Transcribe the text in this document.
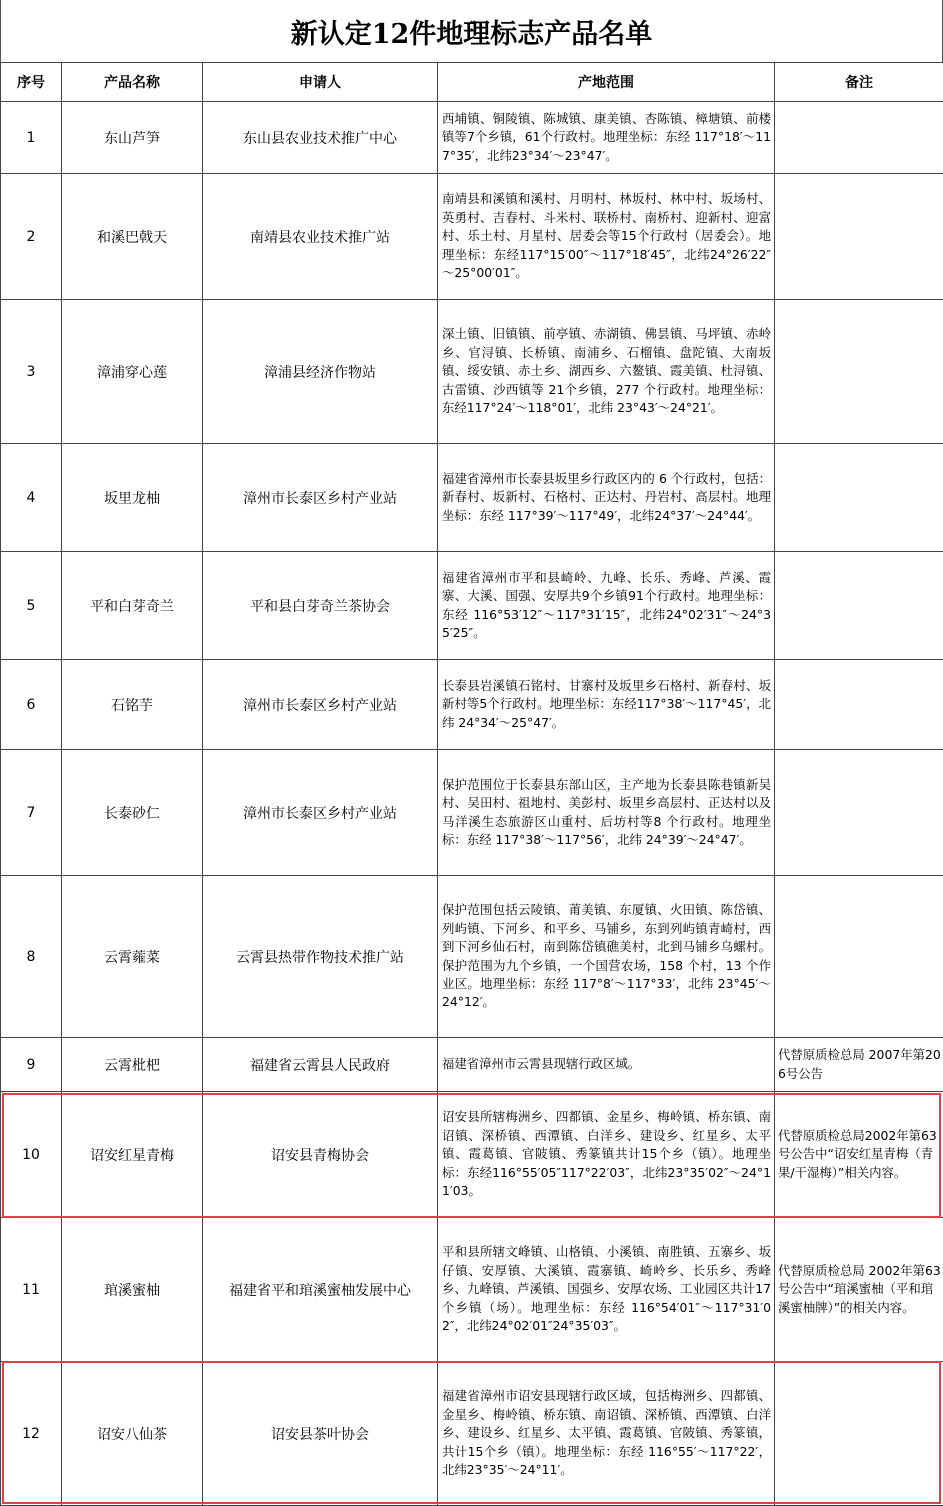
新认定12件地理标志产品名单
序号	产品名称	申请人	产地范围	备注
1	东山芦笋	东山县农业技术推广中心	西埔镇、铜陵镇、陈城镇、康美镇、杏陈镇、樟塘镇、前楼镇等7个乡镇，61个行政村。地理坐标：东经 117°18′～117°35′，北纬23°34′～23°47′。	
2	和溪巴戟天	南靖县农业技术推广站	南靖县和溪镇和溪村、月明村、林坂村、林中村、坂场村、英勇村、吉春村、斗米村、联桥村、南桥村、迎新村、迎富村、乐土村、月星村、居委会等15个行政村（居委会）。地理坐标：东经117°15′00″～117°18′45″，北纬24°26′22″～25°00′01″。	
3	漳浦穿心莲	漳浦县经济作物站	深土镇、旧镇镇、前亭镇、赤湖镇、佛昙镇、马坪镇、赤岭乡、官浔镇、长桥镇、南浦乡、石榴镇、盘陀镇、大南坂镇、绥安镇、赤土乡、湖西乡、六鳌镇、霞美镇、杜浔镇、古雷镇、沙西镇等 21个乡镇，277 个行政村。地理坐标：东经117°24′～118°01′，北纬 23°43′～24°21′。	
4	坂里龙柚	漳州市长泰区乡村产业站	福建省漳州市长泰县坂里乡行政区内的 6 个行政村，包括：新春村、坂新村、石格村、正达村、丹岩村、高层村。地理坐标：东经 117°39′～117°49′，北纬24°37′～24°44′。	
5	平和白芽奇兰	平和县白芽奇兰茶协会	福建省漳州市平和县崎岭、九峰、长乐、秀峰、芦溪、霞寨、大溪、国强、安厚共9个乡镇91个行政村。地理坐标：东经 116°53′12″～117°31′15″，北纬24°02′31″～24°35′25″。	
6	石铭芋	漳州市长泰区乡村产业站	长泰县岩溪镇石铭村、甘寨村及坂里乡石格村、新春村、坂新村等5个行政村。地理坐标：东经117°38′～117°45′，北纬 24°34′～25°47′。	
7	长泰砂仁	漳州市长泰区乡村产业站	保护范围位于长泰县东部山区，主产地为长泰县陈巷镇新吴村、吴田村、祖地村、美彭村、坂里乡高层村、正达村以及马洋溪生态旅游区山重村、后坊村等8 个行政村。地理坐标：东经 117°38′～117°56′，北纬 24°39′～24°47′。	
8	云霄蕹菜	云霄县热带作物技术推广站	保护范围包括云陵镇、莆美镇、东厦镇、火田镇、陈岱镇、列屿镇、下河乡、和平乡、马铺乡，东到列屿镇青崎村，西到下河乡仙石村，南到陈岱镇礁美村，北到马铺乡乌螺村。保护范围为九个乡镇，一个国营农场，158 个村，13 个作业区。地理坐标：东经 117°8′～117°33′，北纬 23°45′～24°12′。	
9	云霄枇杷	福建省云霄县人民政府	福建省漳州市云霄县现辖行政区域。	代替原质检总局 2007年第206号公告
10	诏安红星青梅	诏安县青梅协会	诏安县所辖梅洲乡、四都镇、金星乡、梅岭镇、桥东镇、南诏镇、深桥镇、西潭镇、白洋乡、建设乡、红星乡、太平镇、霞葛镇、官陂镇、秀篆镇共计15个乡（镇）。地理坐标：东经116°55′05″117°22′03″，北纬23°35′02″～24°11′03。	代替原质检总局2002年第63号公告中“诏安红星青梅（青果/干湿梅）”相关内容。
11	琯溪蜜柚	福建省平和琯溪蜜柚发展中心	平和县所辖文峰镇、山格镇、小溪镇、南胜镇、五寨乡、坂仔镇、安厚镇、大溪镇、霞寨镇、崎岭乡、长乐乡、秀峰乡、九峰镇、芦溪镇、国强乡、安厚农场、工业园区共计17个乡镇（场）。地理坐标：东经 116°54′01″～117°31′02″，北纬24°02′01″24°35′03″。	代替原质检总局 2002年第63号公告中“琯溪蜜柚（平和琯 溪蜜柚牌）”的相关内容。
12	诏安八仙茶	诏安县茶叶协会	福建省漳州市诏安县现辖行政区域，包括梅洲乡、四都镇、金星乡、梅岭镇、桥东镇、南诏镇、深桥镇、西潭镇、白洋乡、建设乡、红星乡、太平镇、霞葛镇、官陂镇、秀篆镇，共计15个乡（镇）。地理坐标：东经 116°55′～117°22′，北纬23°35′～24°11′。	
